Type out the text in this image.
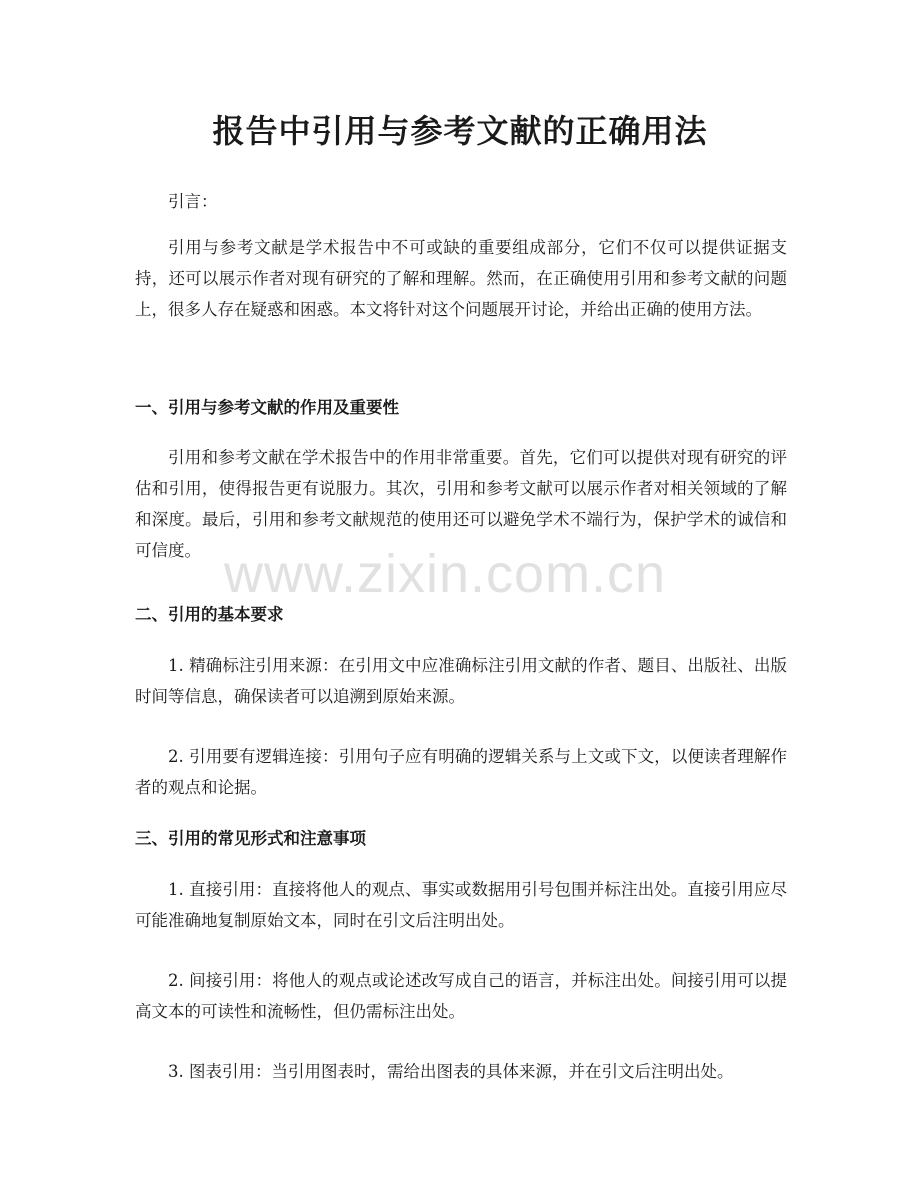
报告中引用与参考文献的正确用法

引言：

引用与参考文献是学术报告中不可或缺的重要组成部分，它们不仅可以提供证据支持，还可以展示作者对现有研究的了解和理解。然而，在正确使用引用和参考文献的问题上，很多人存在疑惑和困惑。本文将针对这个问题展开讨论，并给出正确的使用方法。

一、引用与参考文献的作用及重要性

引用和参考文献在学术报告中的作用非常重要。首先，它们可以提供对现有研究的评估和引用，使得报告更有说服力。其次，引用和参考文献可以展示作者对相关领域的了解和深度。最后，引用和参考文献规范的使用还可以避免学术不端行为，保护学术的诚信和可信度。

二、引用的基本要求

1. 精确标注引用来源：在引用文中应准确标注引用文献的作者、题目、出版社、出版时间等信息，确保读者可以追溯到原始来源。

2. 引用要有逻辑连接：引用句子应有明确的逻辑关系与上文或下文，以便读者理解作者的观点和论据。

三、引用的常见形式和注意事项

1. 直接引用：直接将他人的观点、事实或数据用引号包围并标注出处。直接引用应尽可能准确地复制原始文本，同时在引文后注明出处。

2. 间接引用：将他人的观点或论述改写成自己的语言，并标注出处。间接引用可以提高文本的可读性和流畅性，但仍需标注出处。

3. 图表引用：当引用图表时，需给出图表的具体来源，并在引文后注明出处。

www.zixin.com.cn
